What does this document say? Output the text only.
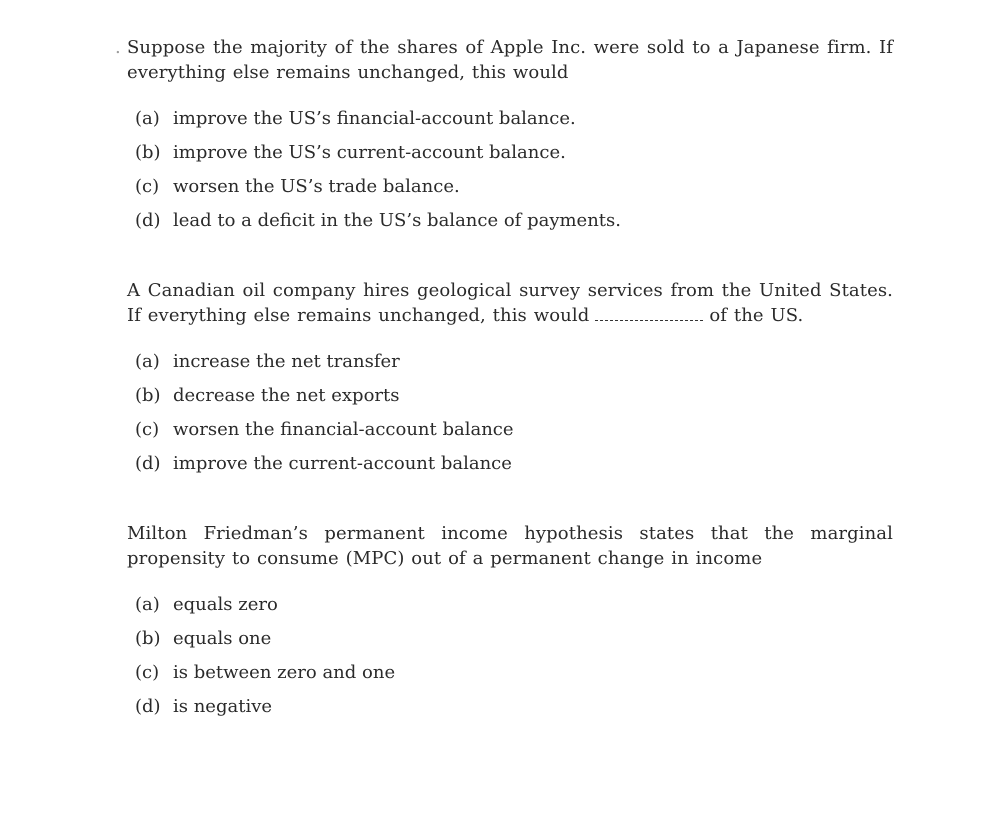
. Suppose the majority of the shares of Apple Inc. were sold to a Japanese firm. If everything else remains unchanged, this would
(a) improve the US’s financial-account balance.
(b) improve the US’s current-account balance.
(c) worsen the US’s trade balance.
(d) lead to a deficit in the US’s balance of payments.
A Canadian oil company hires geological survey services from the United States. If everything else remains unchanged, this would	of the US.
(a) increase the net transfer
(b) decrease the net exports
(c) worsen the financial-account balance
(d) improve the current-account balance
Milton Friedman’s permanent income hypothesis states that the marginal propensity to consume (MPC) out of a permanent change in income
(a) equals zero
(b) equals one
(c) is between zero and one
(d) is negative
